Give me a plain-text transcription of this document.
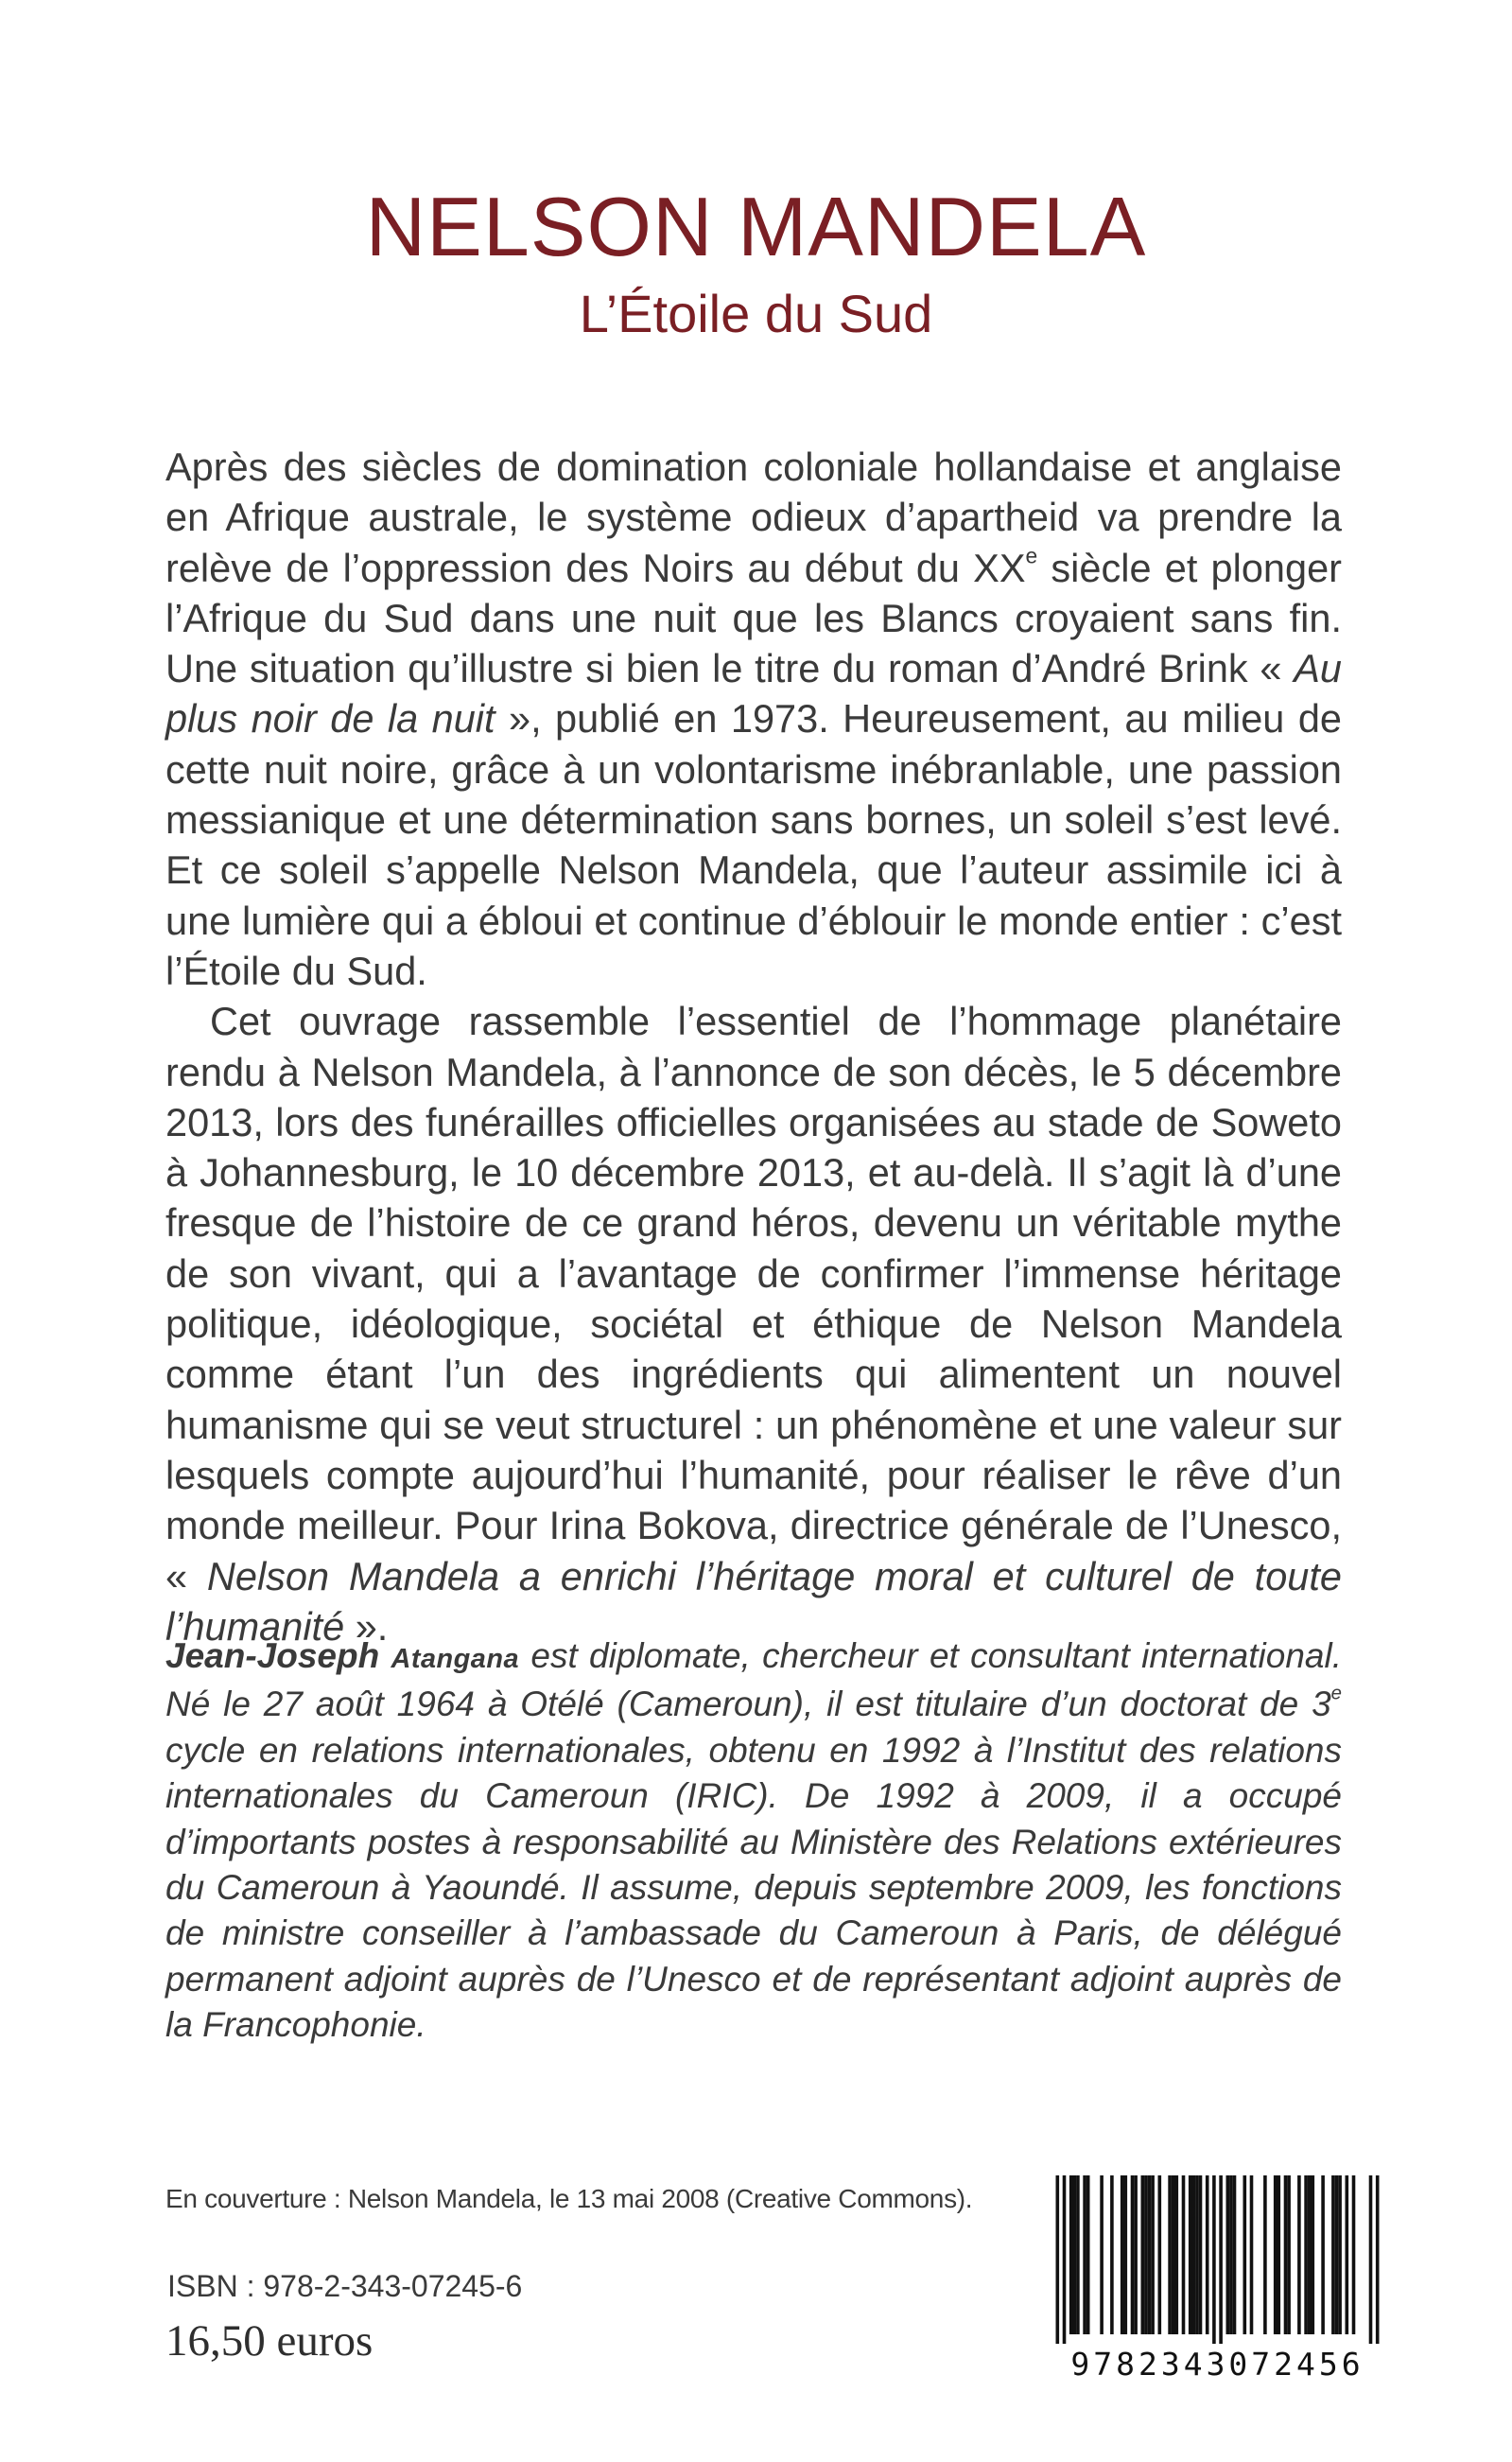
NELSON MANDELA
L’Étoile du Sud

Après des siècles de domination coloniale hollandaise et anglaise en Afrique australe, le système odieux d’apartheid va prendre la relève de l’oppression des Noirs au début du XXe siècle et plonger l’Afrique du Sud dans une nuit que les Blancs croyaient sans fin. Une situation qu’illustre si bien le titre du roman d’André Brink « Au plus noir de la nuit », publié en 1973. Heureusement, au milieu de cette nuit noire, grâce à un volontarisme inébranlable, une passion messianique et une détermination sans bornes, un soleil s’est levé. Et ce soleil s’appelle Nelson Mandela, que l’auteur assimile ici à une lumière qui a ébloui et continue d’éblouir le monde entier : c’est l’Étoile du Sud.

Cet ouvrage rassemble l’essentiel de l’hommage planétaire rendu à Nelson Mandela, à l’annonce de son décès, le 5 décembre 2013, lors des funérailles officielles organisées au stade de Soweto à Johannesburg, le 10 décembre 2013, et au-delà. Il s’agit là d’une fresque de l’histoire de ce grand héros, devenu un véritable mythe de son vivant, qui a l’avantage de confirmer l’immense héritage politique, idéologique, sociétal et éthique de Nelson Mandela comme étant l’un des ingrédients qui alimentent un nouvel humanisme qui se veut structurel : un phénomène et une valeur sur lesquels compte aujourd’hui l’humanité, pour réaliser le rêve d’un monde meilleur. Pour Irina Bokova, directrice générale de l’Unesco, « Nelson Mandela a enrichi l’héritage moral et culturel de toute l’humanité ».

Jean-Joseph Atangana est diplomate, chercheur et consultant international. Né le 27 août 1964 à Otélé (Cameroun), il est titulaire d’un doctorat de 3e cycle en relations internationales, obtenu en 1992 à l’Institut des relations internationales du Cameroun (IRIC). De 1992 à 2009, il a occupé d’importants postes à responsabilité au Ministère des Relations extérieures du Cameroun à Yaoundé. Il assume, depuis septembre 2009, les fonctions de ministre conseiller à l’ambassade du Cameroun à Paris, de délégué permanent adjoint auprès de l’Unesco et de représentant adjoint auprès de la Francophonie.

En couverture : Nelson Mandela, le 13 mai 2008 (Creative Commons).
ISBN : 978-2-343-07245-6
16,50 euros	9782343072456
